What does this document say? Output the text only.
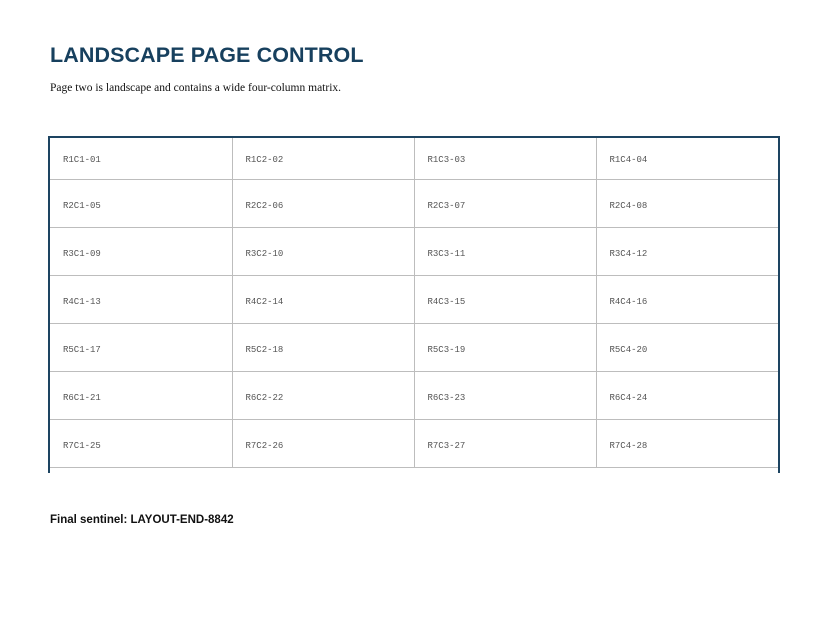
LANDSCAPE PAGE CONTROL

Page two is landscape and contains a wide four-column matrix.

R1C1-01	R1C2-02	R1C3-03	R1C4-04
R2C1-05	R2C2-06	R2C3-07	R2C4-08
R3C1-09	R3C2-10	R3C3-11	R3C4-12
R4C1-13	R4C2-14	R4C3-15	R4C4-16
R5C1-17	R5C2-18	R5C3-19	R5C4-20
R6C1-21	R6C2-22	R6C3-23	R6C4-24
R7C1-25	R7C2-26	R7C3-27	R7C4-28

Final sentinel: LAYOUT-END-8842
